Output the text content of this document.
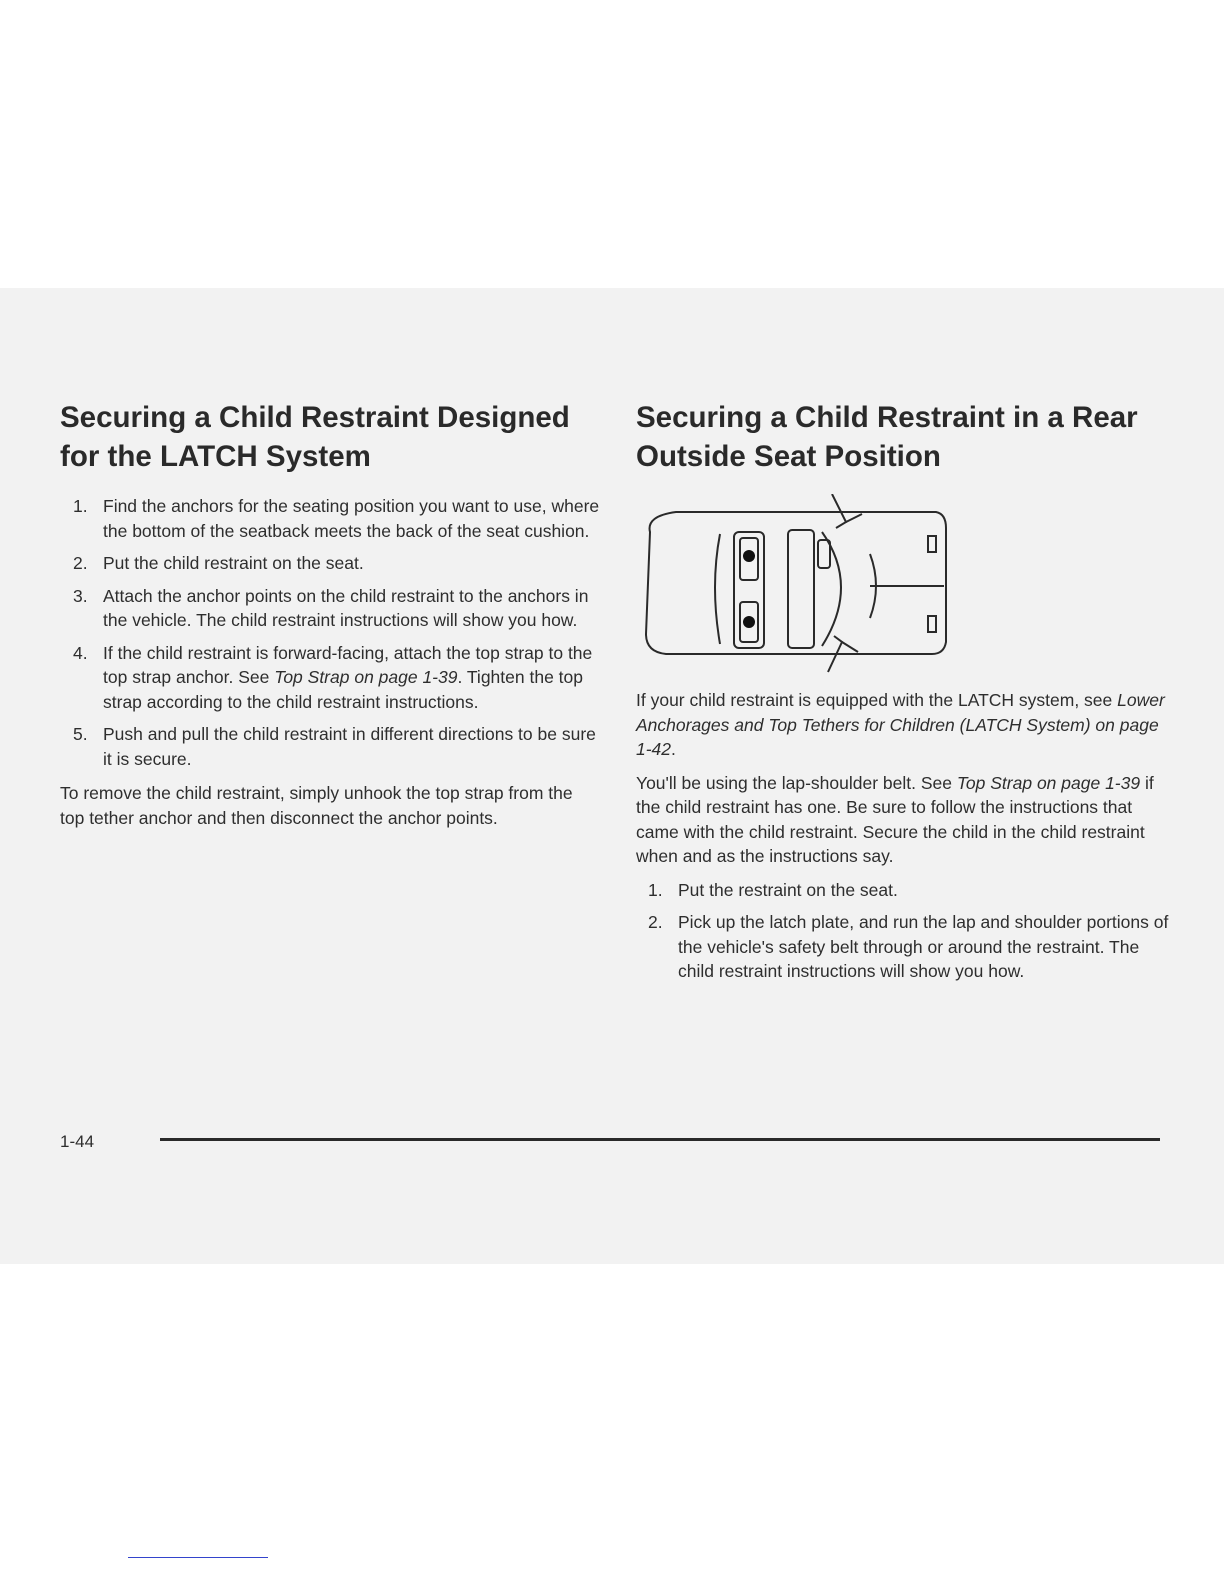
Securing a Child Restraint Designed for the LATCH System
1. Find the anchors for the seating position you want to use, where the bottom of the seatback meets the back of the seat cushion.
2. Put the child restraint on the seat.
3. Attach the anchor points on the child restraint to the anchors in the vehicle. The child restraint instructions will show you how.
4. If the child restraint is forward-facing, attach the top strap to the top strap anchor. See Top Strap on page 1-39. Tighten the top strap according to the child restraint instructions.
5. Push and pull the child restraint in different directions to be sure it is secure.

To remove the child restraint, simply unhook the top strap from the top tether anchor and then disconnect the anchor points.

Securing a Child Restraint in a Rear Outside Seat Position

If your child restraint is equipped with the LATCH system, see Lower Anchorages and Top Tethers for Children (LATCH System) on page 1-42.

You'll be using the lap-shoulder belt. See Top Strap on page 1-39 if the child restraint has one. Be sure to follow the instructions that came with the child restraint. Secure the child in the child restraint when and as the instructions say.

1. Put the restraint on the seat.
2. Pick up the latch plate, and run the lap and shoulder portions of the vehicle's safety belt through or around the restraint. The child restraint instructions will show you how.
1-44
